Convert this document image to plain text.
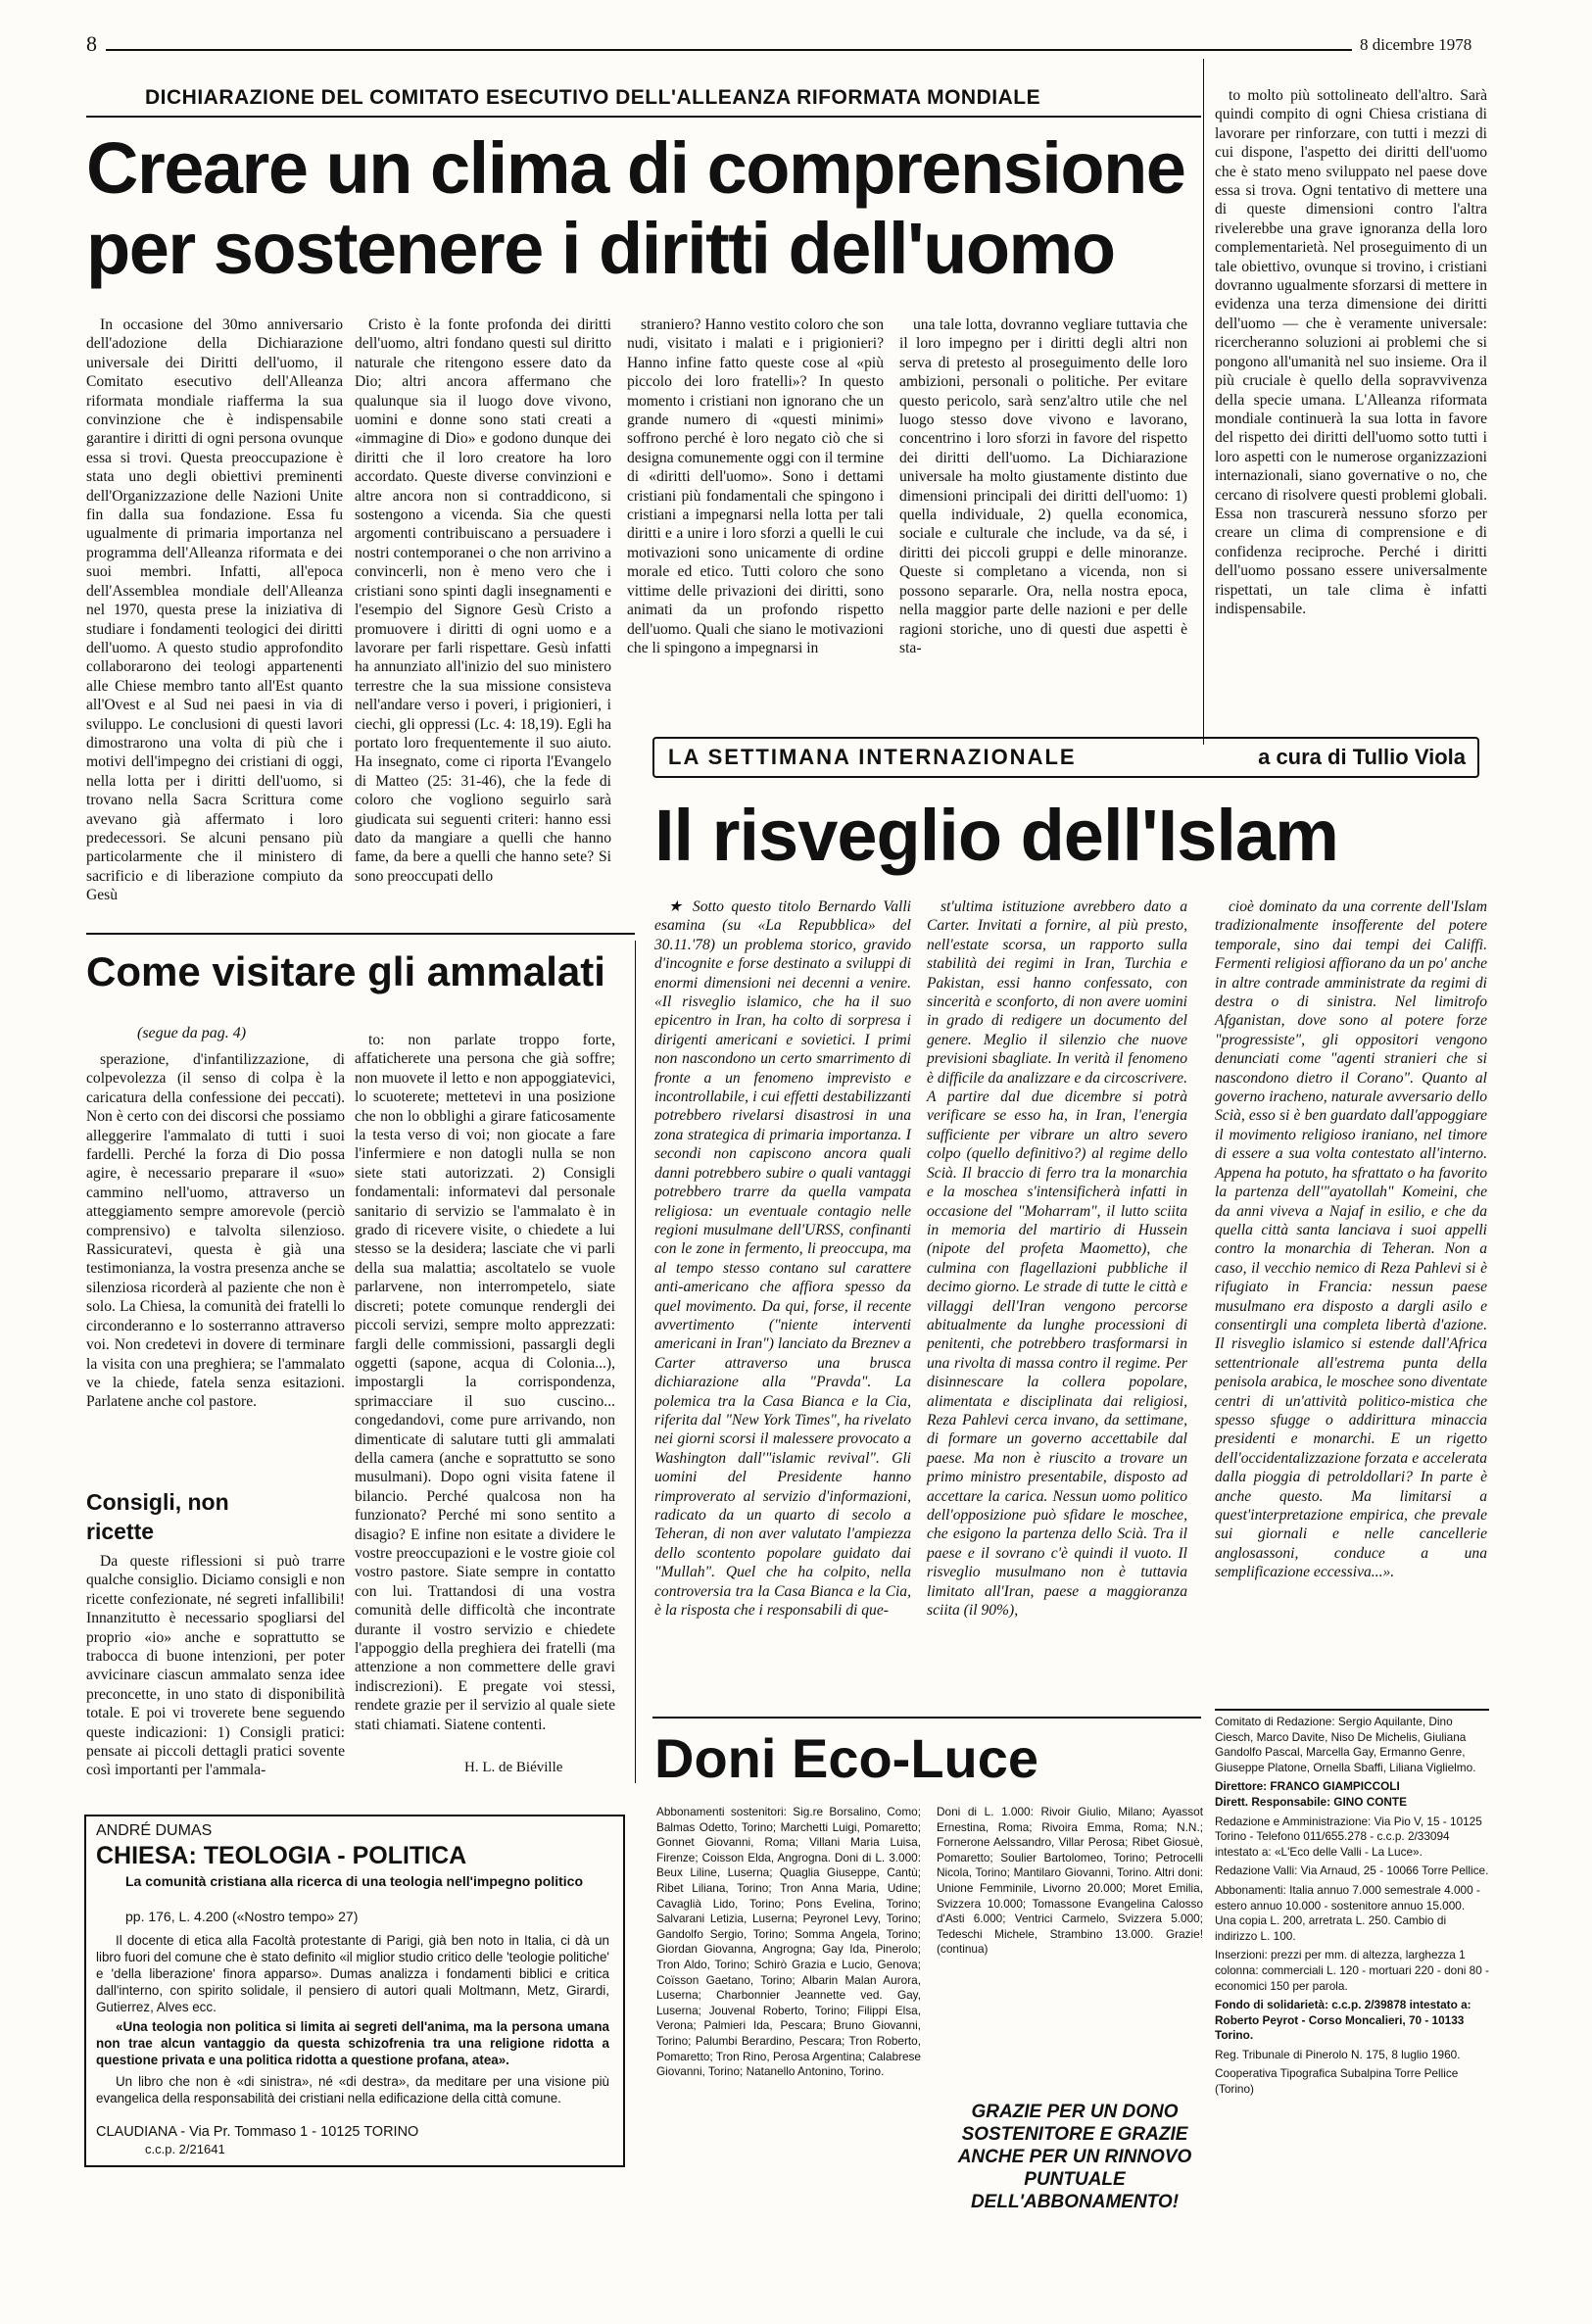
8	8 dicembre 1978
DICHIARAZIONE DEL COMITATO ESECUTIVO DELL'ALLEANZA RIFORMATA MONDIALE
Creare un clima di comprensione
per sostenere i diritti dell'uomo

In occasione del 30mo anniversario dell'adozione della Dichiarazione universale dei Diritti dell'uomo, il Comitato esecutivo dell'Alleanza riformata mondiale riafferma la sua convinzione che è indispensabile garantire i diritti di ogni persona ovunque essa si trovi. Questa preoccupazione è stata uno degli obiettivi preminenti dell'Organizzazione delle Nazioni Unite fin dalla sua fondazione. Essa fu ugualmente di primaria importanza nel programma dell'Alleanza riformata e dei suoi membri. Infatti, all'epoca dell'Assemblea mondiale dell'Alleanza nel 1970, questa prese la iniziativa di studiare i fondamenti teologici dei diritti dell'uomo. A questo studio approfondito collaborarono dei teologi appartenenti alle Chiese membro tanto all'Est quanto all'Ovest e al Sud nei paesi in via di sviluppo. Le conclusioni di questi lavori dimostrarono una volta di più che i motivi dell'impegno dei cristiani di oggi, nella lotta per i diritti dell'uomo, si trovano nella Sacra Scrittura come avevano già affermato i loro predecessori. Se alcuni pensano più particolarmente che il ministero di sacrificio e di liberazione compiuto da Gesù

Cristo è la fonte profonda dei diritti dell'uomo, altri fondano questi sul diritto naturale che ritengono essere dato da Dio; altri ancora affermano che qualunque sia il luogo dove vivono, uomini e donne sono stati creati a «immagine di Dio» e godono dunque dei diritti che il loro creatore ha loro accordato. Queste diverse convinzioni e altre ancora non si contraddicono, si sostengono a vicenda. Sia che questi argomenti contribuiscano a persuadere i nostri contemporanei o che non arrivino a convincerli, non è meno vero che i cristiani sono spinti dagli insegnamenti e l'esempio del Signore Gesù Cristo a promuovere i diritti di ogni uomo e a lavorare per farli rispettare. Gesù infatti ha annunziato all'inizio del suo ministero terrestre che la sua missione consisteva nell'andare verso i poveri, i prigionieri, i ciechi, gli oppressi (Lc. 4: 18,19). Egli ha portato loro frequentemente il suo aiuto. Ha insegnato, come ci riporta l'Evangelo di Matteo (25: 31-46), che la fede di coloro che vogliono seguirlo sarà giudicata sui seguenti criteri: hanno essi dato da mangiare a quelli che hanno fame, da bere a quelli che hanno sete? Si sono preoccupati dello

straniero? Hanno vestito coloro che son nudi, visitato i malati e i prigionieri? Hanno infine fatto queste cose al «più piccolo dei loro fratelli»? In questo momento i cristiani non ignorano che un grande numero di «questi minimi» soffrono perché è loro negato ciò che si designa comunemente oggi con il termine di «diritti dell'uomo». Sono i dettami cristiani più fondamentali che spingono i cristiani a impegnarsi nella lotta per tali diritti e a unire i loro sforzi a quelli le cui motivazioni sono unicamente di ordine morale ed etico. Tutti coloro che sono vittime delle privazioni dei diritti, sono animati da un profondo rispetto dell'uomo. Quali che siano le motivazioni che li spingono a impegnarsi in

una tale lotta, dovranno vegliare tuttavia che il loro impegno per i diritti degli altri non serva di pretesto al proseguimento delle loro ambizioni, personali o politiche. Per evitare questo pericolo, sarà senz'altro utile che nel luogo stesso dove vivono e lavorano, concentrino i loro sforzi in favore del rispetto dei diritti dell'uomo. La Dichiarazione universale ha molto giustamente distinto due dimensioni principali dei diritti dell'uomo: 1) quella individuale, 2) quella economica, sociale e culturale che include, va da sé, i diritti dei piccoli gruppi e delle minoranze. Queste si completano a vicenda, non si possono separarle. Ora, nella nostra epoca, nella maggior parte delle nazioni e per delle ragioni storiche, uno di questi due aspetti è sta-

to molto più sottolineato dell'altro. Sarà quindi compito di ogni Chiesa cristiana di lavorare per rinforzare, con tutti i mezzi di cui dispone, l'aspetto dei diritti dell'uomo che è stato meno sviluppato nel paese dove essa si trova. Ogni tentativo di mettere una di queste dimensioni contro l'altra rivelerebbe una grave ignoranza della loro complementarietà. Nel proseguimento di un tale obiettivo, ovunque si trovino, i cristiani dovranno ugualmente sforzarsi di mettere in evidenza una terza dimensione dei diritti dell'uomo — che è veramente universale: ricercheranno soluzioni ai problemi che si pongono all'umanità nel suo insieme. Ora il più cruciale è quello della sopravvivenza della specie umana. L'Alleanza riformata mondiale continuerà la sua lotta in favore del rispetto dei diritti dell'uomo sotto tutti i loro aspetti con le numerose organizzazioni internazionali, siano governative o no, che cercano di risolvere questi problemi globali. Essa non trascurerà nessuno sforzo per creare un clima di comprensione e di confidenza reciproche. Perché i diritti dell'uomo possano essere universalmente rispettati, un tale clima è infatti indispensabile.

Come visitare gli ammalati
(segue da pag. 4)

sperazione, d'infantilizzazione, di colpevolezza (il senso di colpa è la caricatura della confessione dei peccati). Non è certo con dei discorsi che possiamo alleggerire l'ammalato di tutti i suoi fardelli. Perché la forza di Dio possa agire, è necessario preparare il «suo» cammino nell'uomo, attraverso un atteggiamento sempre amorevole (perciò comprensivo) e talvolta silenzioso. Rassicuratevi, questa è già una testimonianza, la vostra presenza anche se silenziosa ricorderà al paziente che non è solo. La Chiesa, la comunità dei fratelli lo circonderanno e lo sosterranno attraverso voi. Non credetevi in dovere di terminare la visita con una preghiera; se l'ammalato ve la chiede, fatela senza esitazioni. Parlatene anche col pastore.

Consigli, non ricette

Da queste riflessioni si può trarre qualche consiglio. Diciamo consigli e non ricette confezionate, né segreti infallibili! Innanzitutto è necessario spogliarsi del proprio «io» anche e soprattutto se trabocca di buone intenzioni, per poter avvicinare ciascun ammalato senza idee preconcette, in uno stato di disponibilità totale. E poi vi troverete bene seguendo queste indicazioni: 1) Consigli pratici: pensate ai piccoli dettagli pratici sovente così importanti per l'ammala-

to: non parlate troppo forte, affaticherete una persona che già soffre; non muovete il letto e non appoggiatevici, lo scuoterete; mettetevi in una posizione che non lo obblighi a girare faticosamente la testa verso di voi; non giocate a fare l'infermiere e non datogli nulla se non siete stati autorizzati. 2) Consigli fondamentali: informatevi dal personale sanitario di servizio se l'ammalato è in grado di ricevere visite, o chiedete a lui stesso se la desidera; lasciate che vi parli della sua malattia; ascoltatelo se vuole parlarvene, non interrompetelo, siate discreti; potete comunque rendergli dei piccoli servizi, sempre molto apprezzati: fargli delle commissioni, passargli degli oggetti (sapone, acqua di Colonia...), impostargli la corrispondenza, sprimacciare il suo cuscino... congedandovi, come pure arrivando, non dimenticate di salutare tutti gli ammalati della camera (anche e soprattutto se sono musulmani). Dopo ogni visita fatene il bilancio. Perché qualcosa non ha funzionato? Perché mi sono sentito a disagio? E infine non esitate a dividere le vostre preoccupazioni e le vostre gioie col vostro pastore. Siate sempre in contatto con lui. Trattandosi di una vostra comunità delle difficoltà che incontrate durante il vostro servizio e chiedete l'appoggio della preghiera dei fratelli (ma attenzione a non commettere delle gravi indiscrezioni). E pregate voi stessi, rendete grazie per il servizio al quale siete stati chiamati. Siatene contenti.

H. L. de Biéville
ANDRÉ DUMAS
CHIESA: TEOLOGIA - POLITICA
La comunità cristiana alla ricerca di una teologia nell'impegno politico
pp. 176, L. 4.200 («Nostro tempo» 27)
Il docente di etica alla Facoltà protestante di Parigi, già ben noto in Italia, ci dà un libro fuori del comune che è stato definito «il miglior studio critico delle 'teologie politiche' e 'della liberazione' finora apparso». Dumas analizza i fondamenti biblici e critica dall'interno, con spirito solidale, il pensiero di autori quali Moltmann, Metz, Girardi, Gutierrez, Alves ecc.
«Una teologia non politica si limita ai segreti dell'anima, ma la persona umana non trae alcun vantaggio da questa schizofrenia tra una religione ridotta a questione privata e una politica ridotta a questione profana, atea».
Un libro che non è «di sinistra», né «di destra», da meditare per una visione più evangelica della responsabilità dei cristiani nella edificazione della città comune.
CLAUDIANA - Via Pr. Tommaso 1 - 10125 TORINO
c.c.p. 2/21641
LA SETTIMANA INTERNAZIONALE	a cura di Tullio Viola
Il risveglio dell'Islam

★ Sotto questo titolo Bernardo Valli esamina (su «La Repubblica» del 30.11.'78) un problema storico, gravido d'incognite e forse destinato a sviluppi di enormi dimensioni nei decenni a venire. «Il risveglio islamico, che ha il suo epicentro in Iran, ha colto di sorpresa i dirigenti americani e sovietici. I primi non nascondono un certo smarrimento di fronte a un fenomeno imprevisto e incontrollabile, i cui effetti destabilizzanti potrebbero rivelarsi disastrosi in una zona strategica di primaria importanza. I secondi non capiscono ancora quali danni potrebbero subire o quali vantaggi potrebbero trarre da quella vampata religiosa: un eventuale contagio nelle regioni musulmane dell'URSS, confinanti con le zone in fermento, li preoccupa, ma al tempo stesso contano sul carattere anti-americano che affiora spesso da quel movimento. Da qui, forse, il recente avvertimento ("niente interventi americani in Iran") lanciato da Breznev a Carter attraverso una brusca dichiarazione alla "Pravda". La polemica tra la Casa Bianca e la Cia, riferita dal "New York Times", ha rivelato nei giorni scorsi il malessere provocato a Washington dall'"islamic revival". Gli uomini del Presidente hanno rimproverato al servizio d'informazioni, radicato da un quarto di secolo a Teheran, di non aver valutato l'ampiezza dello scontento popolare guidato dai "Mullah". Quel che ha colpito, nella controversia tra la Casa Bianca e la Cia, è la risposta che i responsabili di que-

st'ultima istituzione avrebbero dato a Carter. Invitati a fornire, al più presto, nell'estate scorsa, un rapporto sulla stabilità dei regimi in Iran, Turchia e Pakistan, essi hanno confessato, con sincerità e sconforto, di non avere uomini in grado di redigere un documento del genere. Meglio il silenzio che nuove previsioni sbagliate. In verità il fenomeno è difficile da analizzare e da circoscrivere. A partire dal due dicembre si potrà verificare se esso ha, in Iran, l'energia sufficiente per vibrare un altro severo colpo (quello definitivo?) al regime dello Scià. Il braccio di ferro tra la monarchia e la moschea s'intensificherà infatti in occasione del "Moharram", il lutto sciita in memoria del martirio di Hussein (nipote del profeta Maometto), che culmina con flagellazioni pubbliche il decimo giorno. Le strade di tutte le città e villaggi dell'Iran vengono percorse abitualmente da lunghe processioni di penitenti, che potrebbero trasformarsi in una rivolta di massa contro il regime. Per disinnescare la collera popolare, alimentata e disciplinata dai religiosi, Reza Pahlevi cerca invano, da settimane, di formare un governo accettabile dal paese. Ma non è riuscito a trovare un primo ministro presentabile, disposto ad accettare la carica. Nessun uomo politico dell'opposizione può sfidare le moschee, che esigono la partenza dello Scià. Tra il paese e il sovrano c'è quindi il vuoto. Il risveglio musulmano non è tuttavia limitato all'Iran, paese a maggioranza sciita (il 90%),

cioè dominato da una corrente dell'Islam tradizionalmente insofferente del potere temporale, sino dai tempi dei Califfi. Fermenti religiosi affiorano da un po' anche in altre contrade amministrate da regimi di destra o di sinistra. Nel limitrofo Afganistan, dove sono al potere forze "progressiste", gli oppositori vengono denunciati come "agenti stranieri che si nascondono dietro il Corano". Quanto al governo iracheno, naturale avversario dello Scià, esso si è ben guardato dall'appoggiare il movimento religioso iraniano, nel timore di essere a sua volta contestato all'interno. Appena ha potuto, ha sfrattato o ha favorito la partenza dell'"ayatollah" Komeini, che da anni viveva a Najaf in esilio, e che da quella città santa lanciava i suoi appelli contro la monarchia di Teheran. Non a caso, il vecchio nemico di Reza Pahlevi si è rifugiato in Francia: nessun paese musulmano era disposto a dargli asilo e consentirgli una completa libertà d'azione. Il risveglio islamico si estende dall'Africa settentrionale all'estrema punta della penisola arabica, le moschee sono diventate centri di un'attività politico-mistica che spesso sfugge o addirittura minaccia presidenti e monarchi. E un rigetto dell'occidentalizzazione forzata e accelerata dalla pioggia di petroldollari? In parte è anche questo. Ma limitarsi a quest'interpretazione empirica, che prevale sui giornali e nelle cancellerie anglosassoni, conduce a una semplificazione eccessiva...».

Doni Eco-Luce
Abbonamenti sostenitori: Sig.re Borsalino, Como; Balmas Odetto, Torino; Marchetti Luigi, Pomaretto; Gonnet Giovanni, Roma; Villani Maria Luisa, Firenze; Coisson Elda, Angrogna. Doni di L. 3.000: Beux Liline, Luserna; Quaglia Giuseppe, Cantù; Ribet Liliana, Torino; Tron Anna Maria, Udine; Cavaglià Lido, Torino; Pons Evelina, Torino; Salvarani Letizia, Luserna; Peyronel Levy, Torino; Gandolfo Sergio, Torino; Somma Angela, Torino; Giordan Giovanna, Angrogna; Gay Ida, Pinerolo; Tron Aldo, Torino; Schirò Grazia e Lucio, Genova; Coïsson Gaetano, Torino; Albarin Malan Aurora, Luserna; Charbonnier Jeannette ved. Gay, Luserna; Jouvenal Roberto, Torino; Filippi Elsa, Verona; Palmieri Ida, Pescara; Bruno Giovanni, Torino; Palumbi Berardino, Pescara; Tron Roberto, Pomaretto; Tron Rino, Perosa Argentina; Calabrese Giovanni, Torino; Natanello Antonino, Torino.
Doni di L. 1.000: Rivoir Giulio, Milano; Ayassot Ernestina, Roma; Rivoira Emma, Roma; N.N.; Fornerone Aelssandro, Villar Perosa; Ribet Giosuè, Pomaretto; Soulier Bartolomeo, Torino; Petrocelli Nicola, Torino; Mantilaro Giovanni, Torino. Altri doni: Unione Femminile, Livorno 20.000; Moret Emilia, Svizzera 10.000; Tomassone Evangelina Calosso d'Asti 6.000; Ventrici Carmelo, Svizzera 5.000; Tedeschi Michele, Strambino 13.000. Grazie! (continua)
GRAZIE PER UN DONO SOSTENITORE E GRAZIE ANCHE PER UN RINNOVO PUNTUALE DELL'ABBONAMENTO!
Comitato di Redazione: Sergio Aquilante, Dino Ciesch, Marco Davite, Niso De Michelis, Giuliana Gandolfo Pascal, Marcella Gay, Ermanno Genre, Giuseppe Platone, Ornella Sbaffi, Liliana Viglielmo.
Direttore: FRANCO GIAMPICCOLI
Dirett. Responsabile: GINO CONTE
Redazione e Amministrazione: Via Pio V, 15 - 10125 Torino - Telefono 011/655.278 - c.c.p. 2/33094 intestato a: «L'Eco delle Valli - La Luce».
Redazione Valli: Via Arnaud, 25 - 10066 Torre Pellice.
Abbonamenti: Italia annuo 7.000 semestrale 4.000 - estero annuo 10.000 - sostenitore annuo 15.000. Una copia L. 200, arretrata L. 250. Cambio di indirizzo L. 100.
Inserzioni: prezzi per mm. di altezza, larghezza 1 colonna: commerciali L. 120 - mortuari 220 - doni 80 - economici 150 per parola.
Fondo di solidarietà: c.c.p. 2/39878 intestato a: Roberto Peyrot - Corso Moncalieri, 70 - 10133 Torino.
Reg. Tribunale di Pinerolo N. 175, 8 luglio 1960.
Cooperativa Tipografica Subalpina Torre Pellice (Torino)
